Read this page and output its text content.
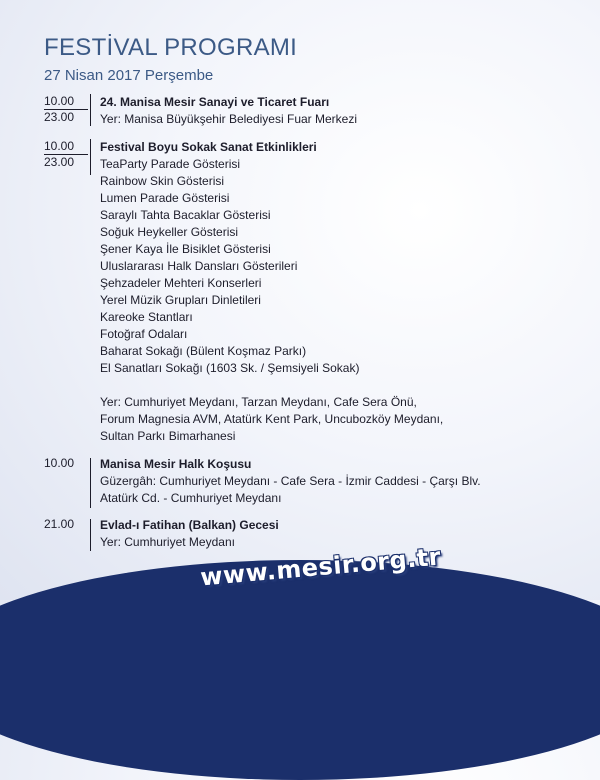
FESTİVAL PROGRAMI
27 Nisan 2017 Perşembe
10.00
23.00
24. Manisa Mesir Sanayi ve Ticaret Fuarı
Yer: Manisa Büyükşehir Belediyesi Fuar Merkezi
10.00
23.00
Festival Boyu Sokak Sanat Etkinlikleri
TeaParty Parade Gösterisi
Rainbow Skin Gösterisi
Lumen Parade Gösterisi
Saraylı Tahta Bacaklar Gösterisi
Soğuk Heykeller Gösterisi
Şener Kaya İle Bisiklet Gösterisi
Uluslararası Halk Dansları Gösterileri
Şehzadeler Mehteri Konserleri
Yerel Müzik Grupları Dinletileri
Kareoke Stantları
Fotoğraf Odaları
Baharat Sokağı (Bülent Koşmaz Parkı)
El Sanatları Sokağı (1603 Sk. / Şemsiyeli Sokak)
Yer: Cumhuriyet Meydanı, Tarzan Meydanı, Cafe Sera Önü,
Forum Magnesia AVM, Atatürk Kent Park, Uncubozköy Meydanı,
Sultan Parkı Bimarhanesi
10.00	Manisa Mesir Halk Koşusu
Güzergâh: Cumhuriyet Meydanı - Cafe Sera - İzmir Caddesi - Çarşı Blv.
Atatürk Cd. - Cumhuriyet Meydanı
21.00	Evlad-ı Fatihan (Balkan) Gecesi
Yer: Cumhuriyet Meydanı
www.mesir.org.tr
